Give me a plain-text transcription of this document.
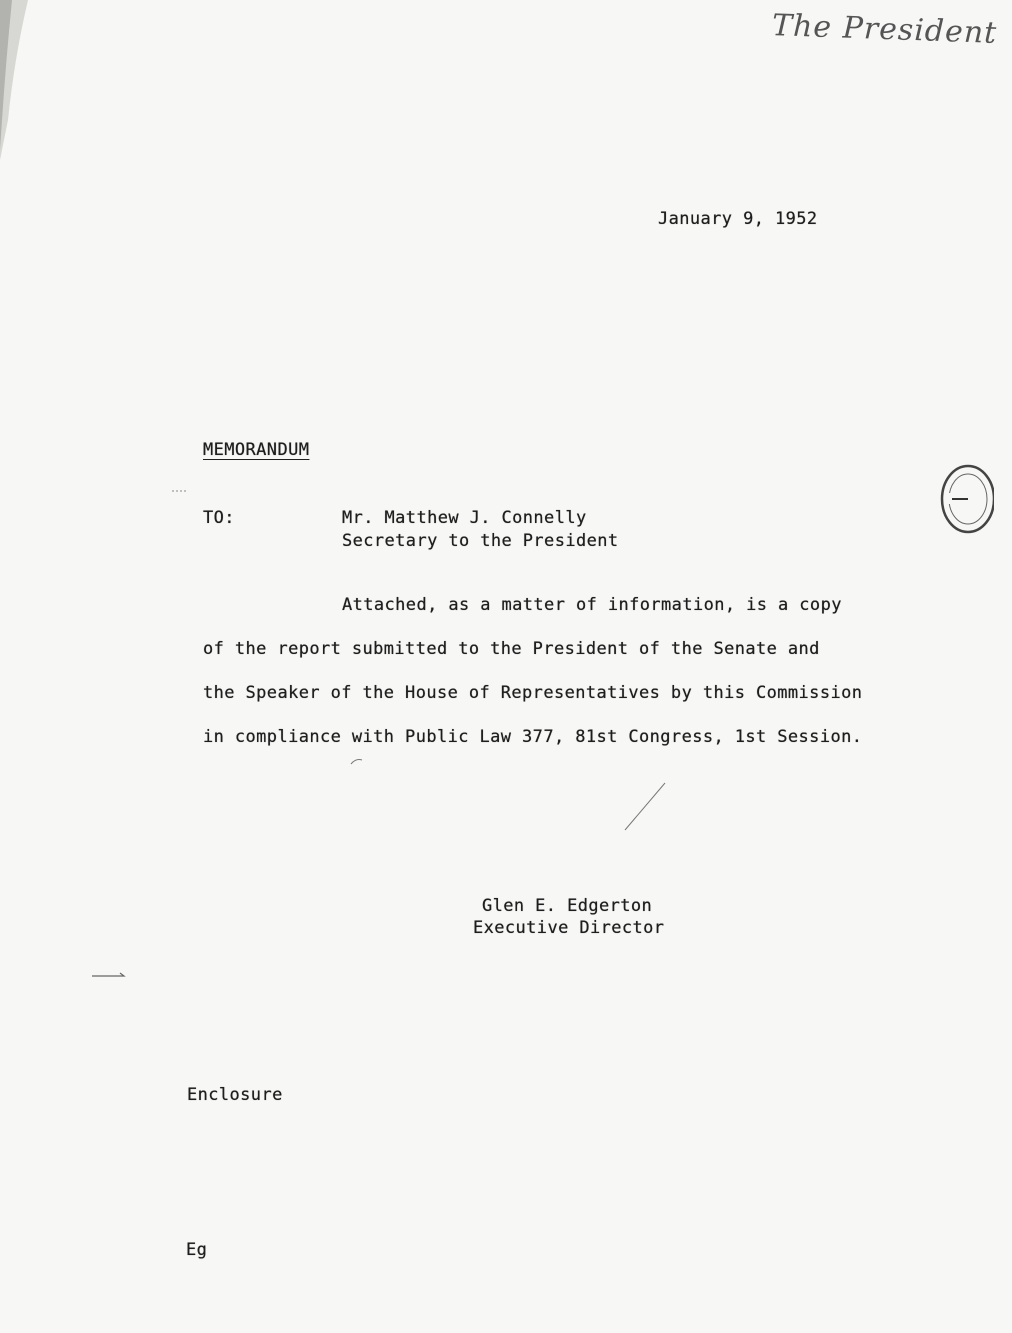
The President
January 9, 1952
MEMORANDUM
TO:	Mr. Matthew J. Connelly
Secretary to the President
Attached, as a matter of information, is a copy
of the report submitted to the President of the Senate and
the Speaker of the House of Representatives by this Commission
in compliance with Public Law 377, 81st Congress, 1st Session.
Glen E. Edgerton
Executive Director
Enclosure
Eg
